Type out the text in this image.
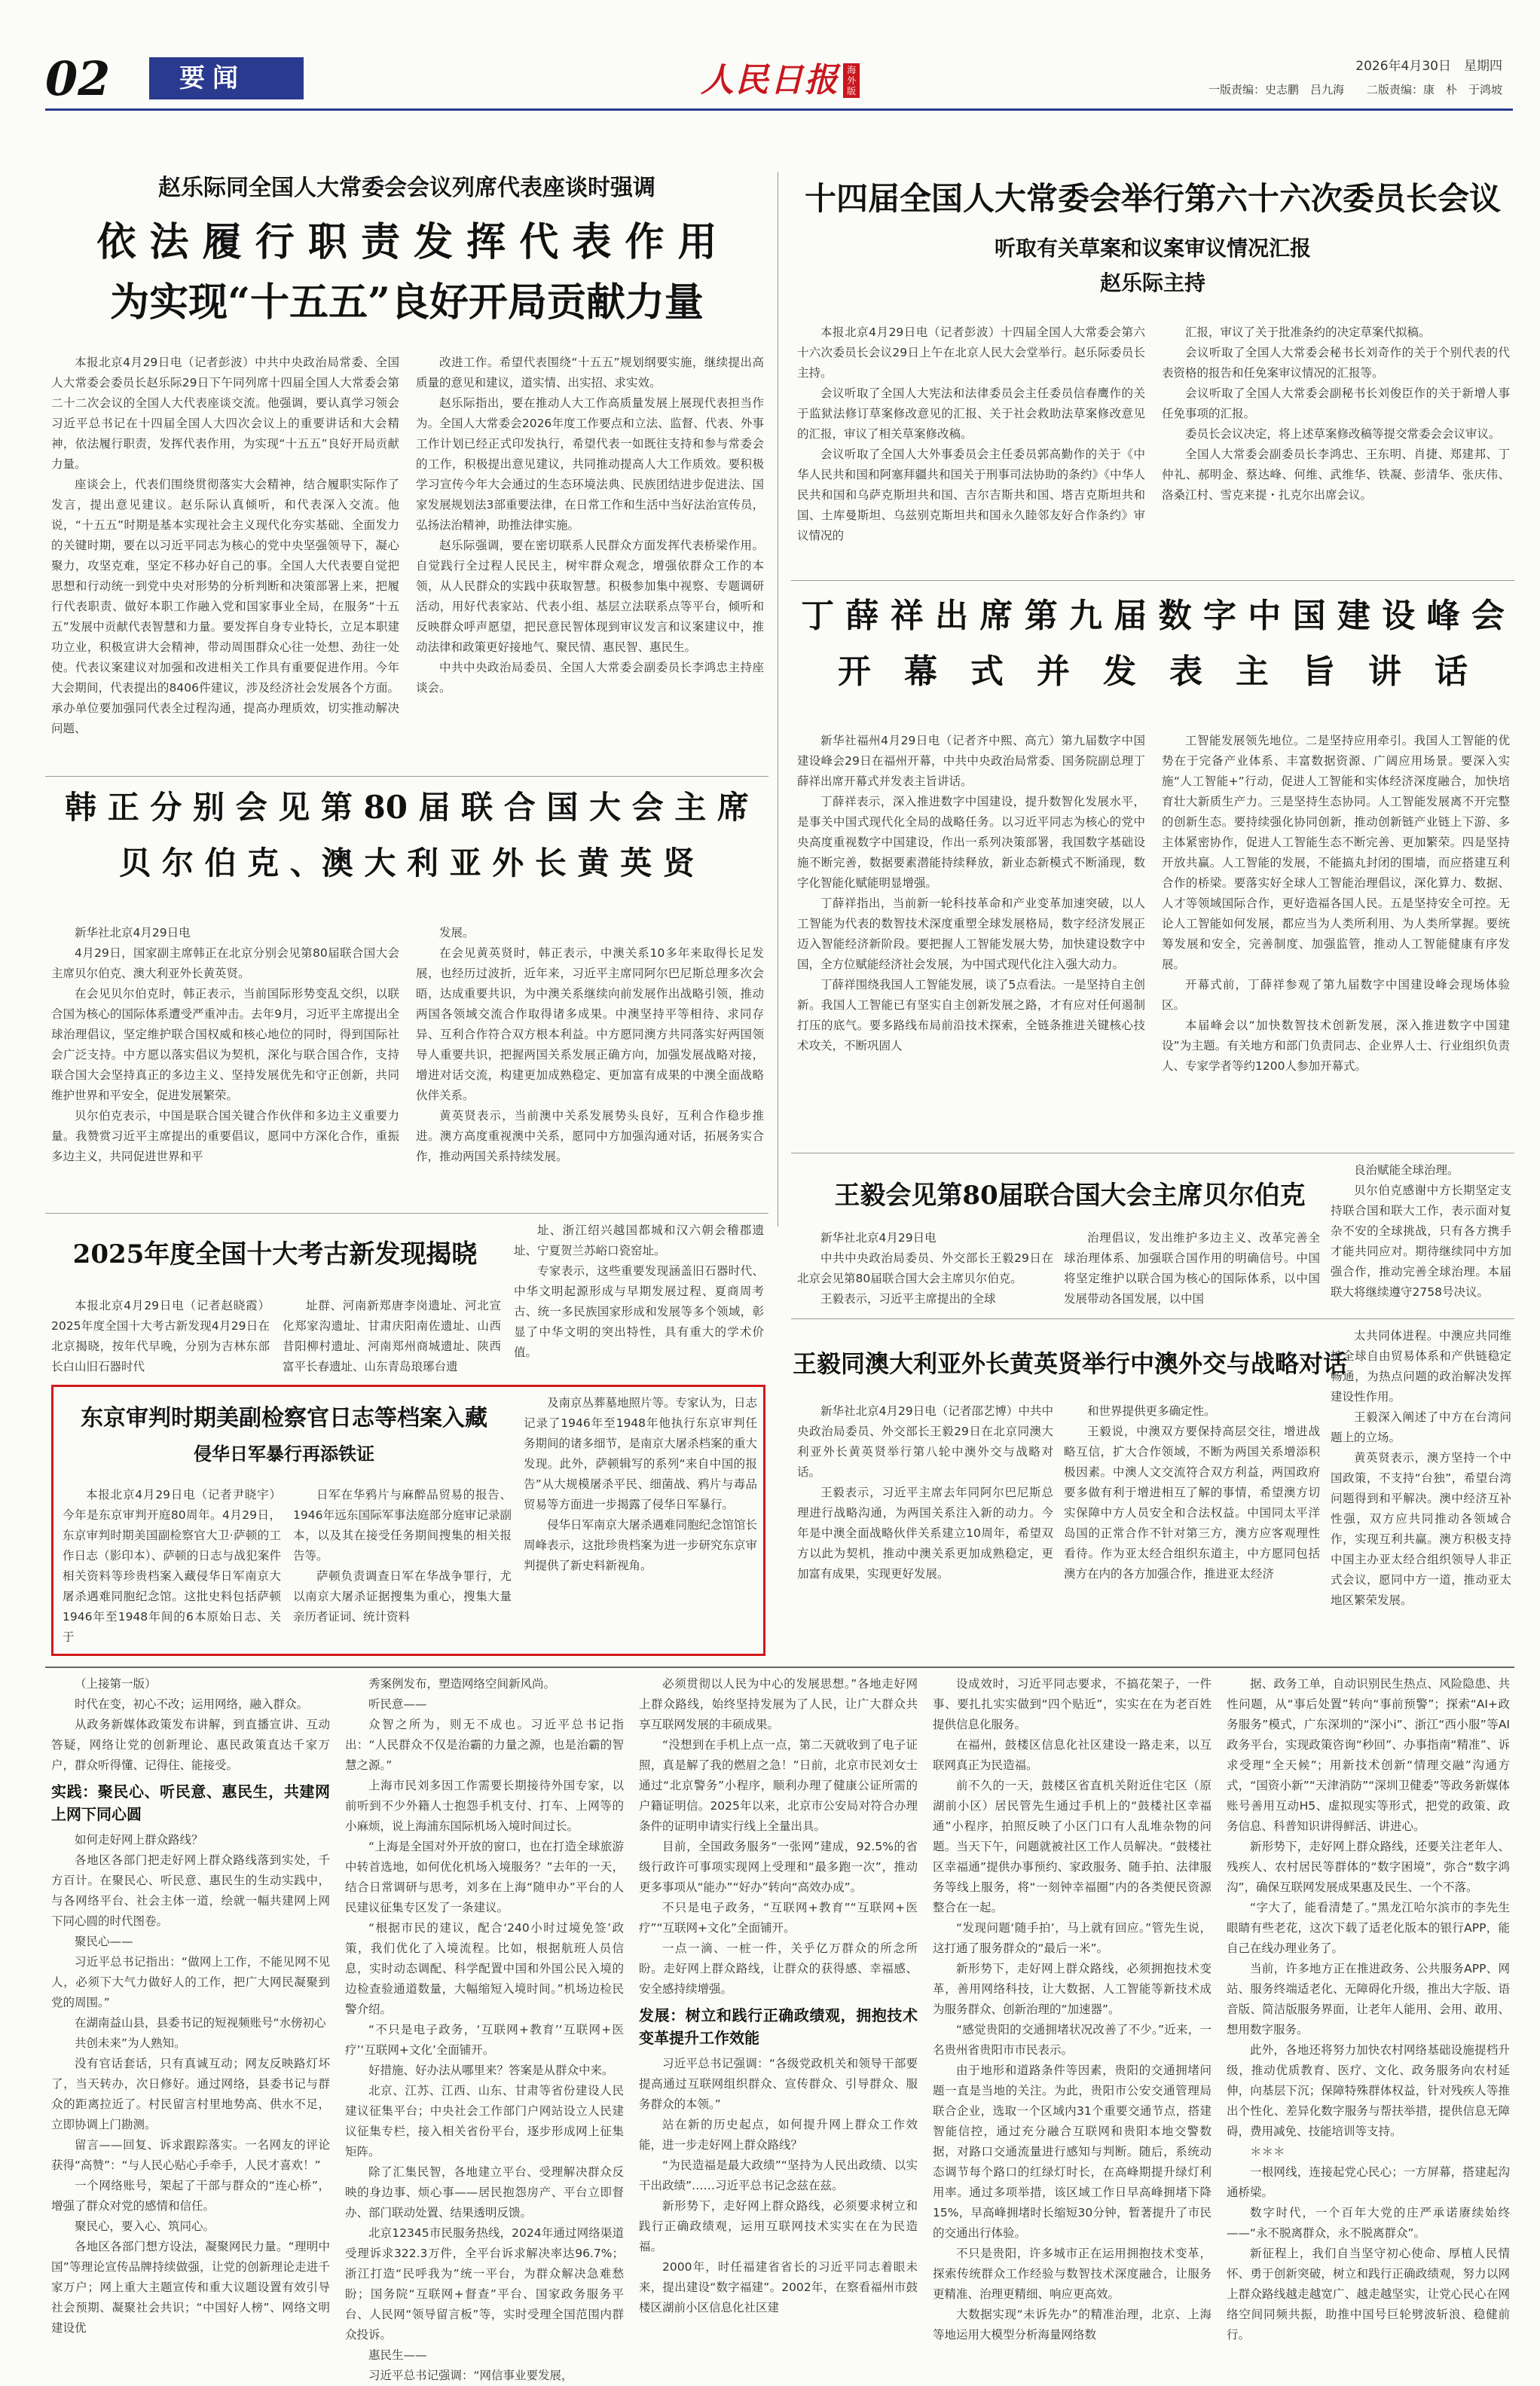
02	要闻	人民日报 海外版
2026年4月30日　星期四
一版责编：史志鹏　吕九海　　二版责编：康　朴　于鸿坡
赵乐际同全国人大常委会会议列席代表座谈时强调
依 法 履 行 职 责 发 挥 代 表 作 用
为实现“十五五”良好开局贡献力量

本报北京4月29日电（记者彭波）中共中央政治局常委、全国人大常委会委员长赵乐际29日下午同列席十四届全国人大常委会第二十二次会议的全国人大代表座谈交流。他强调，要认真学习领会习近平总书记在十四届全国人大四次会议上的重要讲话和大会精神，依法履行职责，发挥代表作用，为实现“十五五”良好开局贡献力量。
座谈会上，代表们围绕贯彻落实大会精神，结合履职实际作了发言，提出意见建议。赵乐际认真倾听，和代表深入交流。他说，“十五五”时期是基本实现社会主义现代化夯实基础、全面发力的关键时期，要在以习近平同志为核心的党中央坚强领导下，凝心聚力，攻坚克难，坚定不移办好自己的事。全国人大代表要自觉把思想和行动统一到党中央对形势的分析判断和决策部署上来，把履行代表职责、做好本职工作融入党和国家事业全局，在服务“十五五”发展中贡献代表智慧和力量。要发挥自身专业特长，立足本职建功立业，积极宣讲大会精神，带动周围群众心往一处想、劲往一处使。代表议案建议对加强和改进相关工作具有重要促进作用。今年大会期间，代表提出的8406件建议，涉及经济社会发展各个方面。承办单位要加强同代表全过程沟通，提高办理质效，切实推动解决问题、

改进工作。希望代表围绕“十五五”规划纲要实施，继续提出高质量的意见和建议，道实情、出实招、求实效。
赵乐际指出，要在推动人大工作高质量发展上展现代表担当作为。全国人大常委会2026年度工作要点和立法、监督、代表、外事工作计划已经正式印发执行，希望代表一如既往支持和参与常委会的工作，积极提出意见建议，共同推动提高人大工作质效。要积极学习宣传今年大会通过的生态环境法典、民族团结进步促进法、国家发展规划法3部重要法律，在日常工作和生活中当好法治宣传员，弘扬法治精神，助推法律实施。
赵乐际强调，要在密切联系人民群众方面发挥代表桥梁作用。自觉践行全过程人民民主，树牢群众观念，增强依群众工作的本领，从人民群众的实践中获取智慧。积极参加集中视察、专题调研活动，用好代表家站、代表小组、基层立法联系点等平台，倾听和反映群众呼声愿望，把民意民智体现到审议发言和议案建议中，推动法律和政策更好接地气、聚民情、惠民智、惠民生。
中共中央政治局委员、全国人大常委会副委员长李鸿忠主持座谈会。

十四届全国人大常委会举行第六十六次委员长会议
听取有关草案和议案审议情况汇报
赵乐际主持

本报北京4月29日电（记者彭波）十四届全国人大常委会第六十六次委员长会议29日上午在北京人民大会堂举行。赵乐际委员长主持。
会议听取了全国人大宪法和法律委员会主任委员信春鹰作的关于监狱法修订草案修改意见的汇报、关于社会救助法草案修改意见的汇报，审议了相关草案修改稿。
会议听取了全国人大外事委员会主任委员郭高勤作的关于《中华人民共和国和阿塞拜疆共和国关于刑事司法协助的条约》《中华人民共和国和乌萨克斯坦共和国、吉尔吉斯共和国、塔吉克斯坦共和国、土库曼斯坦、乌兹别克斯坦共和国永久睦邻友好合作条约》审议情况的

汇报，审议了关于批准条约的决定草案代拟稿。
会议听取了全国人大常委会秘书长刘奇作的关于个别代表的代表资格的报告和任免案审议情况的汇报等。
会议听取了全国人大常委会副秘书长刘俊臣作的关于新增人事任免事项的汇报。
委员长会议决定，将上述草案修改稿等提交常委会会议审议。
全国人大常委会副委员长李鸿忠、王东明、肖捷、郑建邦、丁仲礼、郝明金、蔡达峰、何维、武维华、铁凝、彭清华、张庆伟、洛桑江村、雪克来提・扎克尔出席会议。

丁 薛 祥 出 席 第 九 届 数 字 中 国 建 设 峰 会
开　幕　式　并　发　表　主　旨　讲　话

新华社福州4月29日电（记者齐中熙、高亢）第九届数字中国建设峰会29日在福州开幕，中共中央政治局常委、国务院副总理丁薛祥出席开幕式并发表主旨讲话。
丁薛祥表示，深入推进数字中国建设，提升数智化发展水平，是事关中国式现代化全局的战略任务。以习近平同志为核心的党中央高度重视数字中国建设，作出一系列决策部署，我国数字基础设施不断完善，数据要素潜能持续释放，新业态新模式不断涌现，数字化智能化赋能明显增强。
丁薛祥指出，当前新一轮科技革命和产业变革加速突破，以人工智能为代表的数智技术深度重塑全球发展格局，数字经济发展正迈入智能经济新阶段。要把握人工智能发展大势，加快建设数字中国，全方位赋能经济社会发展，为中国式现代化注入强大动力。
丁薛祥围绕我国人工智能发展，谈了5点看法。一是坚持自主创新。我国人工智能已有坚实自主创新发展之路，才有应对任何遏制打压的底气。要多路线布局前沿技术探索，全链条推进关键核心技术攻关，不断巩固人

工智能发展领先地位。二是坚持应用牵引。我国人工智能的优势在于完备产业体系、丰富数据资源、广阔应用场景。要深入实施“人工智能+”行动，促进人工智能和实体经济深度融合，加快培育壮大新质生产力。三是坚持生态协同。人工智能发展离不开完整的创新生态。要持续强化协同创新，推动创新链产业链上下游、多主体紧密协作，促进人工智能生态不断完善、更加繁荣。四是坚持开放共赢。人工智能的发展，不能搞丸封闭的围墙，而应搭建互利合作的桥梁。要落实好全球人工智能治理倡议，深化算力、数据、人才等领域国际合作，更好造福各国人民。五是坚持安全可控。无论人工智能如何发展，都应当为人类所利用、为人类所掌握。要统筹发展和安全，完善制度、加强监管，推动人工智能健康有序发展。
开幕式前，丁薛祥参观了第九届数字中国建设峰会现场体验区。
本届峰会以“加快数智技术创新发展，深入推进数字中国建设”为主题。有关地方和部门负责同志、企业界人士、行业组织负责人、专家学者等约1200人参加开幕式。

韩 正 分 别 会 见 第 80 届 联 合 国 大 会 主 席
贝 尔 伯 克 、澳 大 利 亚 外 长 黄 英 贤

新华社北京4月29日电
4月29日，国家副主席韩正在北京分别会见第80届联合国大会主席贝尔伯克、澳大利亚外长黄英贤。
在会见贝尔伯克时，韩正表示，当前国际形势变乱交织，以联合国为核心的国际体系遭受严重冲击。去年9月，习近平主席提出全球治理倡议，坚定维护联合国权威和核心地位的同时，得到国际社会广泛支持。中方愿以落实倡议为契机，深化与联合国合作，支持联合国大会坚持真正的多边主义、坚持发展优先和守正创新，共同维护世界和平安全，促进发展繁荣。
贝尔伯克表示，中国是联合国关键合作伙伴和多边主义重要力量。我赞赏习近平主席提出的重要倡议，愿同中方深化合作，重振多边主义，共同促进世界和平

发展。
在会见黄英贤时，韩正表示，中澳关系10多年来取得长足发展，也经历过波折，近年来，习近平主席同阿尔巴尼斯总理多次会晤，达成重要共识，为中澳关系继续向前发展作出战略引领，推动两国各领域交流合作取得诸多成果。中澳坚持平等相待、求同存异、互利合作符合双方根本利益。中方愿同澳方共同落实好两国领导人重要共识，把握两国关系发展正确方向，加强发展战略对接，增进对话交流，构建更加成熟稳定、更加富有成果的中澳全面战略伙伴关系。
黄英贤表示，当前澳中关系发展势头良好，互利合作稳步推进。澳方高度重视澳中关系，愿同中方加强沟通对话，拓展务实合作，推动两国关系持续发展。

2025年度全国十大考古新发现揭晓

本报北京4月29日电（记者赵晓霞）2025年度全国十大考古新发现4月29日在北京揭晓，按年代早晚，分别为吉林东部长白山旧石器时代

址群、河南新郑唐李岗遗址、河北宣化郑家沟遗址、甘肃庆阳南佐遗址、山西昔阳柳村遗址、河南郑州商城遗址、陕西富平长春遗址、山东青岛琅琊台遗

址、浙江绍兴越国都城和汉六朝会稽郡遗址、宁夏贺兰苏峪口瓷窑址。
专家表示，这些重要发现涵盖旧石器时代、中华文明起源形成与早期发展过程、夏商周考古、统一多民族国家形成和发展等多个领域，彰显了中华文明的突出特性，具有重大的学术价值。

东京审判时期美副检察官日志等档案入藏
侵华日军暴行再添铁证

本报北京4月29日电（记者尹晓宇）今年是东京审判开庭80周年。4月29日，东京审判时期美国副检察官大卫·萨顿的工作日志（影印本）、萨顿的日志与战犯案件相关资料等珍贵档案入藏侵华日军南京大屠杀遇难同胞纪念馆。这批史料包括萨顿1946年至1948年间的6本原始日志、关于

日军在华鸦片与麻醉品贸易的报告、1946年远东国际军事法庭部分庭审记录副本，以及其在接受任务期间搜集的相关报告等。
萨顿负责调查日军在华战争罪行，尤以南京大屠杀证据搜集为重心，搜集大量亲历者证词、统计资料

及南京丛葬墓地照片等。专家认为，日志记录了1946年至1948年他执行东京审判任务期间的诸多细节，是南京大屠杀档案的重大发现。此外，萨顿辑写的系列“来自中国的报告”从大规模屠杀平民、细菌战、鸦片与毒品贸易等方面进一步揭露了侵华日军暴行。
侵华日军南京大屠杀遇难同胞纪念馆馆长周峰表示，这批珍贵档案为进一步研究东京审判提供了新史料新视角。

王毅会见第80届联合国大会主席贝尔伯克

新华社北京4月29日电
中共中央政治局委员、外交部长王毅29日在北京会见第80届联合国大会主席贝尔伯克。
王毅表示，习近平主席提出的全球

治理倡议，发出维护多边主义、改革完善全球治理体系、加强联合国作用的明确信号。中国将坚定维护以联合国为核心的国际体系，以中国发展带动各国发展，以中国

良治赋能全球治理。
贝尔伯克感谢中方长期坚定支持联合国和联大工作，表示面对复杂不安的全球挑战，只有各方携手才能共同应对。期待继续同中方加强合作，推动完善全球治理。本届联大将继续遵守2758号决议。

王毅同澳大利亚外长黄英贤举行中澳外交与战略对话

新华社北京4月29日电（记者邵艺博）中共中央政治局委员、外交部长王毅29日在北京同澳大利亚外长黄英贤举行第八轮中澳外交与战略对话。
王毅表示，习近平主席去年同阿尔巴尼斯总理进行战略沟通，为两国关系注入新的动力。今年是中澳全面战略伙伴关系建立10周年，希望双方以此为契机，推动中澳关系更加成熟稳定，更加富有成果，实现更好发展。

和世界提供更多确定性。
王毅说，中澳双方要保持高层交往，增进战略互信，扩大合作领域，不断为两国关系增添积极因素。中澳人文交流符合双方利益，两国政府要多做有利于增进相互了解的事情，希望澳方切实保障中方人员安全和合法权益。中国同太平洋岛国的正常合作不针对第三方，澳方应客观理性看待。作为亚太经合组织东道主，中方愿同包括澳方在内的各方加强合作，推进亚太经济

太共同体进程。中澳应共同维护全球自由贸易体系和产供链稳定畅通，为热点问题的政治解决发挥建设性作用。
王毅深入阐述了中方在台湾问题上的立场。
黄英贤表示，澳方坚持一个中国政策，不支持“台独”，希望台湾问题得到和平解决。澳中经济互补性强，双方应共同推动各领域合作，实现互利共赢。澳方积极支持中国主办亚太经合组织领导人非正式会议，愿同中方一道，推动亚太地区繁荣发展。

（上接第一版）
时代在变，初心不改；运用网络，融入群众。
从政务新媒体政策发布讲解，到直播宣讲、互动答疑，网络让党的创新理论、惠民政策直达千家万户，群众听得懂、记得住、能接受。

实践：聚民心、听民意、惠民生，共建网上网下同心圆

如何走好网上群众路线？
各地区各部门把走好网上群众路线落到实处，千方百计。在聚民心、听民意、惠民生的生动实践中，与各网络平台、社会主体一道，绘就一幅共建网上网下同心圆的时代图卷。
聚民心——
习近平总书记指出：“做网上工作，不能见网不见人，必须下大气力做好人的工作，把广大网民凝聚到党的周围。”
在湖南益山县，县委书记的短视频账号“水傍初心
共创未来”为人熟知。
没有官话套话，只有真诚互动；网友反映路灯坏了，当天转办，次日修好。通过网络，县委书记与群众的距离拉近了。村民留言村里地势高、供水不足，立即协调上门勘测。
留言——回复、诉求跟踪落实。一名网友的评论获得“高赞”：“与人民心贴心手牵手，人民才喜欢！”
一个网络账号，架起了干部与群众的“连心桥”，增强了群众对党的感情和信任。
聚民心，要入心、筑同心。
各地区各部门想方设法，凝聚网民力量。“理明中国”等理论宣传品牌持续做强，让党的创新理论走进千家万户；网上重大主题宣传和重大议题设置有效引导社会预期、凝聚社会共识；“中国好人榜”、网络文明建设优

秀案例发布，塑造网络空间新风尚。
听民意——
众智之所为，则无不成也。习近平总书记指出：“人民群众不仅是治霸的力量之源，也是治霸的智慧之源。”
上海市民刘多因工作需要长期接待外国专家，以前听到不少外籍人士抱怨手机支付、打车、上网等的小麻烦，说上海浦东国际机场入境时间过长。
“上海是全国对外开放的窗口，也在打造全球旅游中转首选地，如何优化机场入境服务？”去年的一天，结合日常调研与思考，刘多在上海“随申办”平台的人民建议征集专区发了一条建议。
“根据市民的建议，配合‘240小时过境免签’政策，我们优化了入境流程。比如，根据航班人员信息，实时动态调配、科学配置中国和外国公民入境的边检查验通道数量，大幅缩短入境时间。”机场边检民警介绍。
“不只是电子政务，‘互联网+教育’‘互联网+医疗’‘互联网+文化’全面铺开。
好措施、好办法从哪里来？答案是从群众中来。
北京、江苏、江西、山东、甘肃等省份建设人民建议征集平台；中央社会工作部门户网站设立人民建议征集专栏，接入相关省份平台，逐步形成网上征集矩阵。
除了汇集民智，各地建立平台、受理解决群众反映的身边事、烦心事——居民抱怨房产、平台立即督办、部门联动处置、结果透明反馈。
北京12345市民服务热线，2024年通过网络渠道受理诉求322.3万件，全平台诉求解决率达96.7%；浙江打造“民呼我为”统一平台，为群众解决急难愁盼；国务院“互联网+督查”平台、国家政务服务平台、人民网“领导留言板”等，实时受理全国范围内群众投诉。
惠民生——
习近平总书记强调：“网信事业要发展，

必须贯彻以人民为中心的发展思想。”各地走好网上群众路线，始终坚持发展为了人民，让广大群众共享互联网发展的丰硕成果。
“没想到在手机上点一点，第二天就收到了电子证照，真是解了我的燃眉之急！”日前，北京市民刘女士通过“北京警务”小程序，顺利办理了健康公证所需的户籍证明信。2025年以来，北京市公安局对符合办理条件的证明申请实行线上全量出具。
目前，全国政务服务“一张网”建成，92.5%的省级行政许可事项实现网上受理和“最多跑一次”，推动更多事项从“能办”“好办”转向“高效办成”。
不只是电子政务，“互联网+教育”“互联网+医疗”“互联网+文化”全面铺开。
一点一滴、一桩一件，关乎亿万群众的所念所盼。走好网上群众路线，让群众的获得感、幸福感、安全感持续增强。

发展：树立和践行正确政绩观，拥抱技术变革提升工作效能

习近平总书记强调：“各级党政机关和领导干部要提高通过互联网组织群众、宣传群众、引导群众、服务群众的本领。”
站在新的历史起点，如何提升网上群众工作效能，进一步走好网上群众路线？
“为民造福是最大政绩”“坚持为人民出政绩、以实干出政绩”……习近平总书记念兹在兹。
新形势下，走好网上群众路线，必须要求树立和践行正确政绩观，运用互联网技术实实在在为民造福。
2000年，时任福建省省长的习近平同志着眼未来，提出建设“数字福建”。2002年，在察看福州市鼓楼区湖前小区信息化社区建

设成效时，习近平同志要求，不搞花架子，一件事、要扎扎实实做到“四个贴近”，实实在在为老百姓提供信息化服务。
在福州，鼓楼区信息化社区建设一路走来，以互联网真正为民造福。
前不久的一天，鼓楼区省直机关附近住宅区（原湖前小区）居民管先生通过手机上的“鼓楼社区幸福通”小程序，拍照反映了小区门口有人乱堆杂物的问题。当天下午，问题就被社区工作人员解决。“鼓楼社区幸福通”提供办事预约、家政服务、随手拍、法律服务等线上服务，将“一刻钟幸福圈”内的各类便民资源整合在一起。
“发现问题‘随手拍’，马上就有回应。”管先生说，这打通了服务群众的“最后一米”。
新形势下，走好网上群众路线，必须拥抱技术变革，善用网络科技，让大数据、人工智能等新技术成为服务群众、创新治理的“加速器”。
“感觉贵阳的交通拥堵状况改善了不少。”近来，一名贵州省贵阳市市民表示。
由于地形和道路条件等因素，贵阳的交通拥堵问题一直是当地的关注。为此，贵阳市公安交通管理局联合企业，选取一个区域内31个重要交通节点，搭建智能信控，通过充分融合互联网和贵阳本地交警数据，对路口交通流量进行感知与判断。随后，系统动态调节每个路口的红绿灯时长，在高峰期提升绿灯利用率。通过多项举措，该区域工作日早高峰拥堵下降15%，早高峰拥堵时长缩短30分钟，暂著提升了市民的交通出行体验。
不只是贵阳，许多城市正在运用拥抱技术变革，探索传统群众工作经验与数智技术深度融合，让服务更精准、治理更精细、响应更高效。
大数据实现“未诉先办”的精准治理，北京、上海等地运用大模型分析海量网络数

据、政务工单，自动识别民生热点、风险隐患、共性问题，从“事后处置”转向“事前预警”；探索“AI+政务服务”模式，广东深圳的“深小i”、浙江“西小服”等AI政务平台，实现政策咨询“秒回”、办事指南“精准”、诉求受理“全天候”；用新技术创新“情理交融”沟通方式，“国资小新”“天津消防”“深圳卫健委”等政务新媒体账号善用互动H5、虚拟现实等形式，把党的政策、政务信息、科普知识讲得鲜活、讲进心。
新形势下，走好网上群众路线，还要关注老年人、残疾人、农村居民等群体的“数字困境”，弥合“数字鸿沟”，确保互联网发展成果惠及民生、一个不落。
“字大了，能看清楚了。”黑龙江哈尔滨市的李先生眼睛有些老花，这次下载了适老化版本的银行APP，能自己在线办理业务了。
当前，许多地方正在推进政务、公共服务APP、网站、服务终端适老化、无障碍化升级，推出大字版、语音版、简洁版服务界面，让老年人能用、会用、敢用、想用数字服务。
此外，各地还将努力加快农村网络基础设施提档升级，推动优质教育、医疗、文化、政务服务向农村延伸，向基层下沉；保障特殊群体权益，针对残疾人等推出个性化、差异化数字服务与帮扶举措，提供信息无障碍，费用减免、技能培训等支持。
＊＊＊
一根网线，连接起党心民心；一方屏幕，搭建起沟通桥梁。
数字时代，一个百年大党的庄严承诺赓续始终——“永不脱离群众，永不脱离群众”。
新征程上，我们自当坚守初心使命、厚植人民情怀、勇于创新突破，树立和践行正确政绩观，努力以网上群众路线越走越宽广、越走越坚实，让党心民心在网络空间同频共振，助推中国号巨轮劈波斩浪、稳健前行。
